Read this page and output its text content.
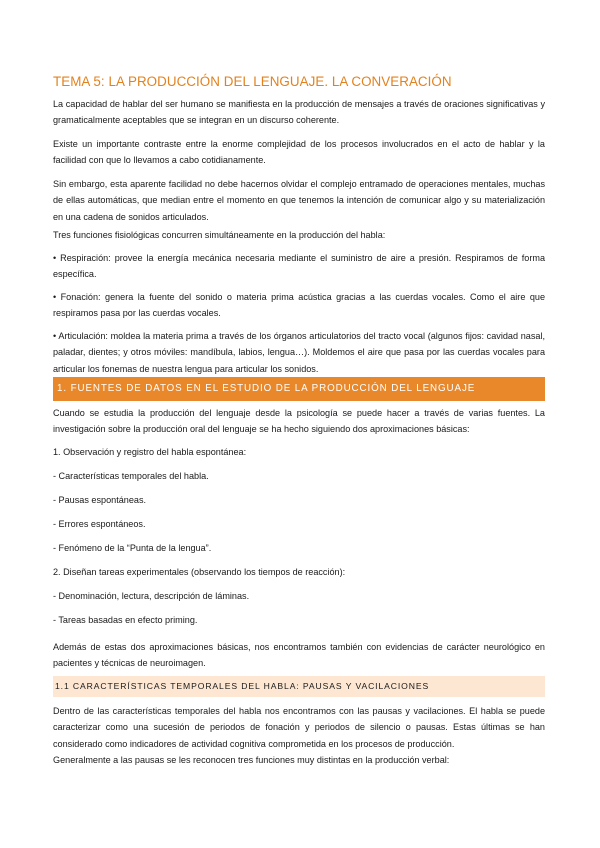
TEMA 5: LA PRODUCCIÓN DEL LENGUAJE. LA CONVERACIÓN

La capacidad de hablar del ser humano se manifiesta en la producción de mensajes a través de oraciones significativas y gramaticalmente aceptables que se integran en un discurso coherente.

Existe un importante contraste entre la enorme complejidad de los procesos involucrados en el acto de hablar y la facilidad con que lo llevamos a cabo cotidianamente.

Sin embargo, esta aparente facilidad no debe hacernos olvidar el complejo entramado de operaciones mentales, muchas de ellas automáticas, que median entre el momento en que tenemos la intención de comunicar algo y su materialización en una cadena de sonidos articulados.

Tres funciones fisiológicas concurren simultáneamente en la producción del habla:

• Respiración: provee la energía mecánica necesaria mediante el suministro de aire a presión. Respiramos de forma específica.

• Fonación: genera la fuente del sonido o materia prima acústica gracias a las cuerdas vocales. Como el aire que respiramos pasa por las cuerdas vocales.

• Articulación: moldea la materia prima a través de los órganos articulatorios del tracto vocal (algunos fijos: cavidad nasal, paladar, dientes; y otros móviles: mandíbula, labios, lengua…). Moldemos el aire que pasa por las cuerdas vocales para articular los fonemas de nuestra lengua para articular los sonidos.

1. FUENTES DE DATOS EN EL ESTUDIO DE LA PRODUCCIÓN DEL LENGUAJE

Cuando se estudia la producción del lenguaje desde la psicología se puede hacer a través de varias fuentes. La investigación sobre la producción oral del lenguaje se ha hecho siguiendo dos aproximaciones básicas:

1. Observación y registro del habla espontánea:

- Características temporales del habla.

- Pausas espontáneas.

- Errores espontáneos.

- Fenómeno de la “Punta de la lengua”.

2. Diseñan tareas experimentales (observando los tiempos de reacción):

- Denominación, lectura, descripción de láminas.

- Tareas basadas en efecto priming.

Además de estas dos aproximaciones básicas, nos encontramos también con evidencias de carácter neurológico en pacientes y técnicas de neuroimagen.

1.1 CARACTERÍSTICAS TEMPORALES DEL HABLA: PAUSAS Y VACILACIONES

Dentro de las características temporales del habla nos encontramos con las pausas y vacilaciones. El habla se puede caracterizar como una sucesión de periodos de fonación y periodos de silencio o pausas. Estas últimas se han considerado como indicadores de actividad cognitiva comprometida en los procesos de producción.

Generalmente a las pausas se les reconocen tres funciones muy distintas en la producción verbal:
